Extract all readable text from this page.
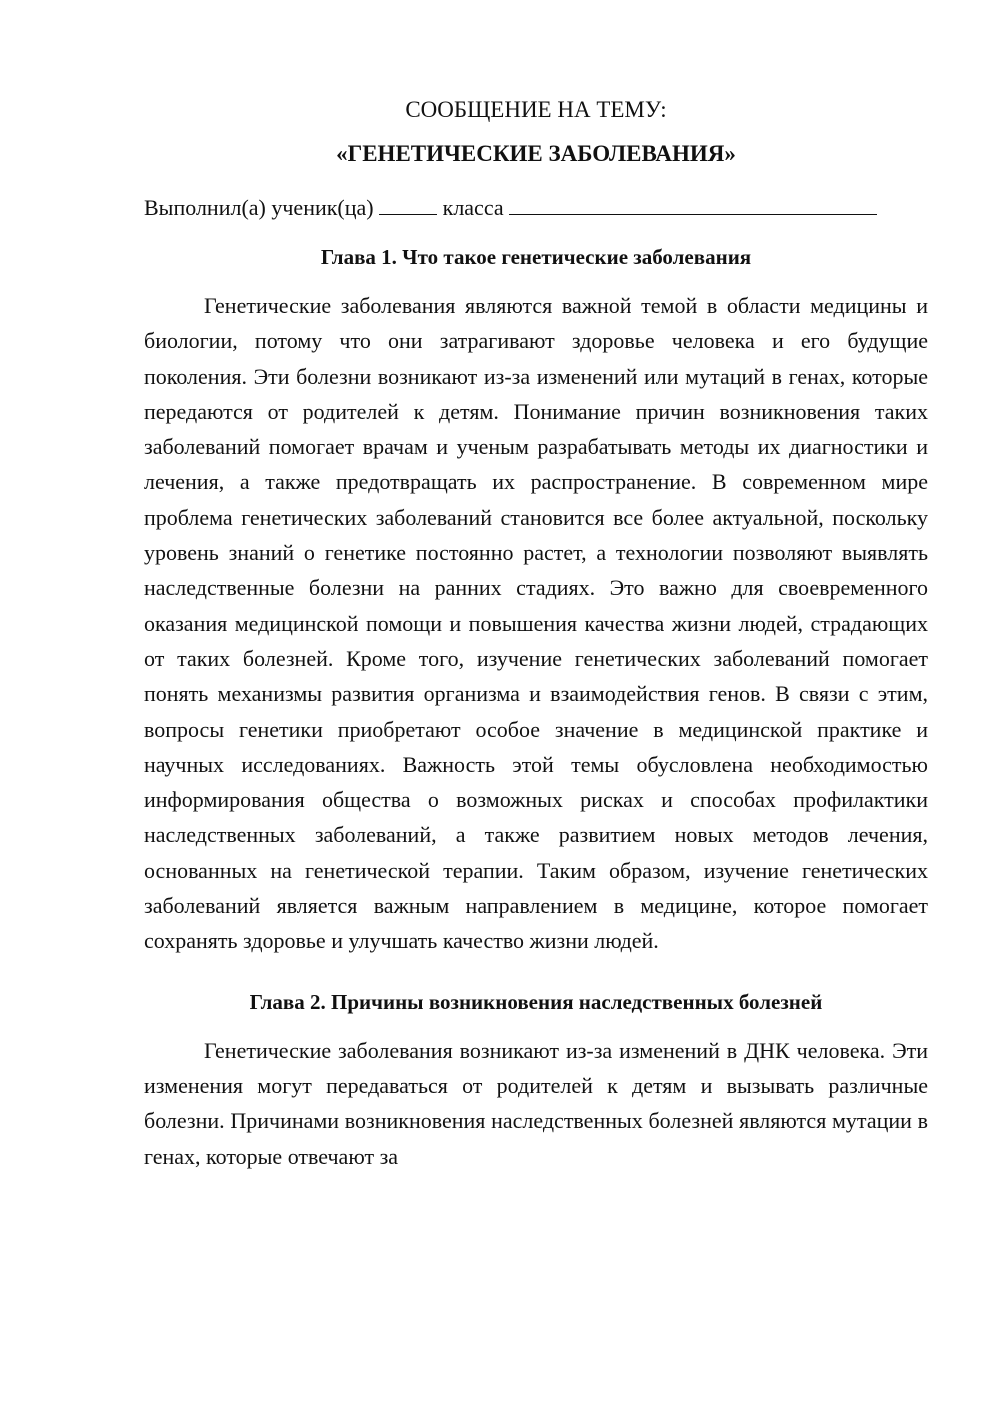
СООБЩЕНИЕ НА ТЕМУ:
«ГЕНЕТИЧЕСКИЕ ЗАБОЛЕВАНИЯ»

Выполнил(а) ученик(ца)	класса

Глава 1. Что такое генетические заболевания

Генетические заболевания являются важной темой в области медицины и биологии, потому что они затрагивают здоровье человека и его будущие поколения. Эти болезни возникают из-за изменений или мутаций в генах, которые передаются от родителей к детям. Понимание причин возникновения таких заболеваний помогает врачам и ученым разрабатывать методы их диагностики и лечения, а также предотвращать их распространение. В современном мире проблема генетических заболеваний становится все более актуальной, поскольку уровень знаний о генетике постоянно растет, а технологии позволяют выявлять наследственные болезни на ранних стадиях. Это важно для своевременного оказания медицинской помощи и повышения качества жизни людей, страдающих от таких болезней. Кроме того, изучение генетических заболеваний помогает понять механизмы развития организма и взаимодействия генов. В связи с этим, вопросы генетики приобретают особое значение в медицинской практике и научных исследованиях. Важность этой темы обусловлена необходимостью информирования общества о возможных рисках и способах профилактики наследственных заболеваний, а также развитием новых методов лечения, основанных на генетической терапии. Таким образом, изучение генетических заболеваний является важным направлением в медицине, которое помогает сохранять здоровье и улучшать качество жизни людей.

Глава 2. Причины возникновения наследственных болезней

Генетические заболевания возникают из-за изменений в ДНК человека. Эти изменения могут передаваться от родителей к детям и вызывать различные болезни. Причинами возникновения наследственных болезней являются мутации в генах, которые отвечают за
